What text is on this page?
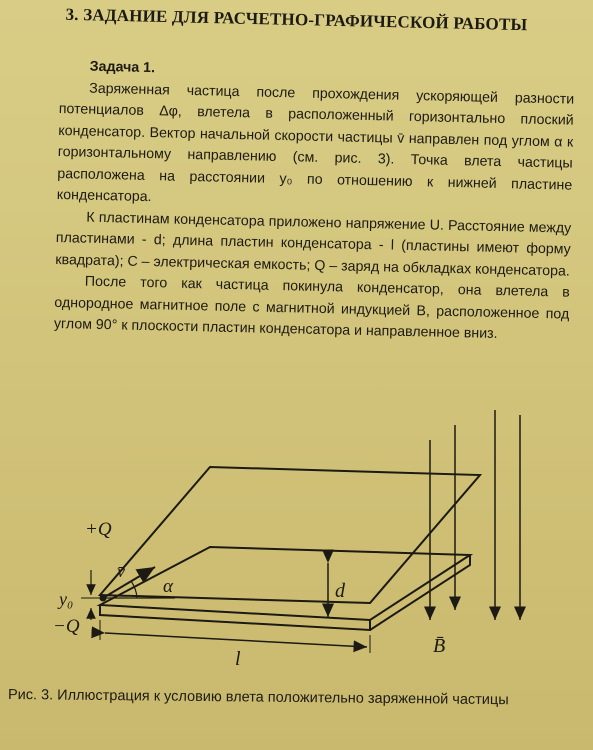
3. ЗАДАНИЕ ДЛЯ РАСЧЕТНО-ГРАФИЧЕСКОЙ РАБОТЫ
Задача 1.

Заряженная частица после прохождения ускоряющей разности потенциалов Δφ, влетела в расположенный горизонтально плоский конденсатор. Вектор начальной скорости частицы v̄ направлен под углом α к горизонтальному направлению (см. рис. 3). Точка влета частицы расположена на расстоянии y₀ по отношению к нижней пластине конденсатора.

К пластинам конденсатора приложено напряжение U. Расстояние между пластинами - d; длина пластин конденсатора - l (пластины имеют форму квадрата); C – электрическая емкость; Q – заряд на обкладках конденсатора.

После того как частица покинула конденсатор, она влетела в однородное магнитное поле с магнитной индукцией B, расположенное под углом 90° к плоскости пластин конденсатора и направленное вниз.

+Q
−Q
y₀
v̄
α	d
l
B̄
Рис. 3. Иллюстрация к условию влета положительно заряженной частицы
